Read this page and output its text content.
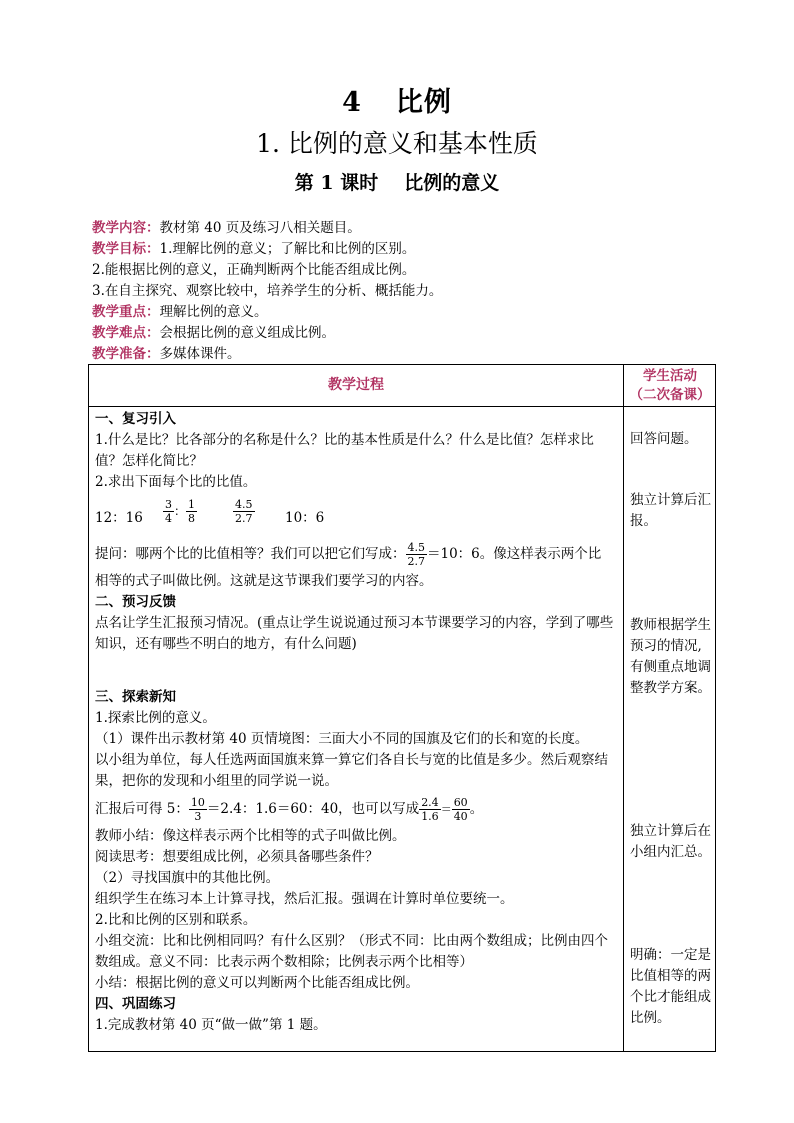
4 比例
1. 比例的意义和基本性质
第 1 课时 比例的意义
教学内容：教材第 40 页及练习八相关题目。
教学目标：1.理解比例的意义；了解比和比例的区别。
2.能根据比例的意义，正确判断两个比能否组成比例。
3.在自主探究、观察比较中，培养学生的分析、概括能力。
教学重点：理解比例的意义。
教学难点：会根据比例的意义组成比例。
教学准备：多媒体课件。
教学过程
学生活动
（二次备课）

一、复习引入

1.什么是比？比各部分的名称是什么？比的基本性质是什么？什么是比值？怎样求比值？怎样化简比？

2.求出下面每个比的比值。

12：$16 \frac{3}{4}$ ： $\frac{1}{8}$	$\frac{4.5}{2.7} 10$：6
提问：哪两个比的比值相等？我们可以把它们写成： $\frac{4.5}{2.7} =10$：6。像这样表示两个比

相等的式子叫做比例。这就是这节课我们要学习的内容。

二、预习反馈

点名让学生汇报预习情况。(重点让学生说说通过预习本节课要学习的内容，学到了哪些知识，还有哪些不明白的地方，有什么问题)

三、探索新知

1.探索比例的意义。

（1）课件出示教材第 40 页情境图：三面大小不同的国旗及它们的长和宽的长度。

以小组为单位，每人任选两面国旗来算一算它们各自长与宽的比值是多少。然后观察结果，把你的发现和小组里的同学说一说。

汇报后可得 5： $\frac{10}{3} =2.4$：1.6＝60：40，也可以写成 $\frac{2.4}{1.6} = \frac{60}{40}$ 。

教师小结：像这样表示两个比相等的式子叫做比例。

阅读思考：想要组成比例，必须具备哪些条件？

（2）寻找国旗中的其他比例。

组织学生在练习本上计算寻找，然后汇报。强调在计算时单位要统一。

2.比和比例的区别和联系。

小组交流：比和比例相同吗？有什么区别？（形式不同：比由两个数组成；比例由四个数组成。意义不同：比表示两个数相除；比例表示两个比相等）

小结：根据比例的意义可以判断两个比能否组成比例。

四、巩固练习

1.完成教材第 40 页“做一做”第 1 题。

回答问题。
独立计算后汇报。
教师根据学生预习的情况,有侧重点地调整教学方案。
独立计算后在小组内汇总。
明确：一定是比值相等的两个比才能组成比例。
